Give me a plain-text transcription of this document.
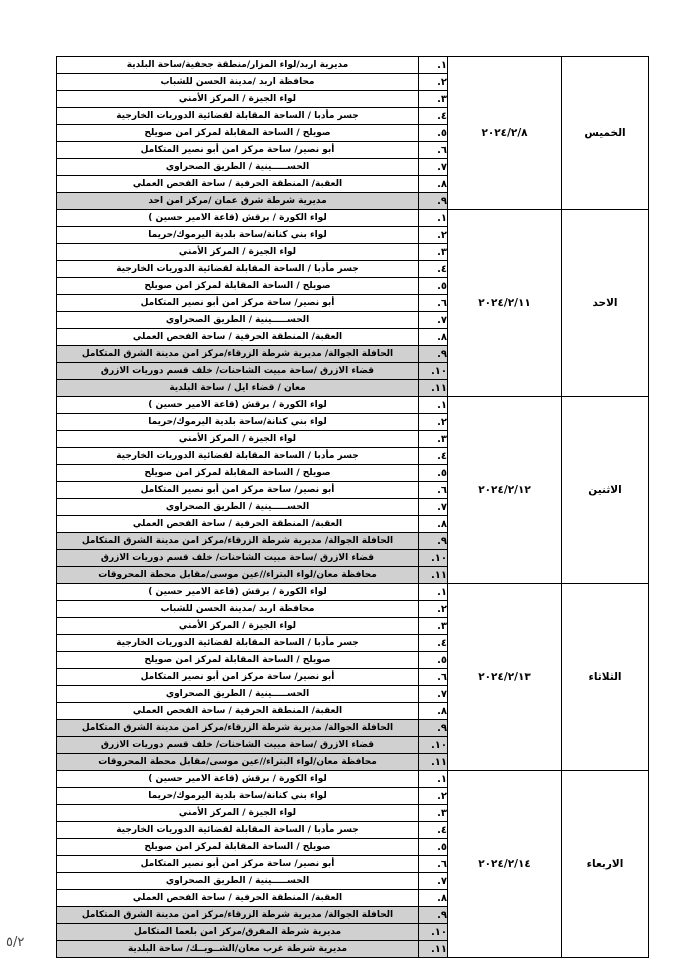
الخميس	٢٠٢٤/٢/٨	١.	مديرية اربد/لواء المزار/منطقة جحفية/ساحة البلدية
		٢.	محافظة اربد /مدينة الحسن للشباب
		٣.	لواء الجيزة / المركز الأمني
		٤.	جسر مأدبا / الساحة المقابلة لقضائية الدوريات الخارجية
		٥.	صويلح / الساحة المقابلة لمركز امن صويلح
		٦.	أبو نصير/ ساحة مركز امن أبو نصير المتكامل
		٧.	الحســـــينية / الطريق الصحراوي
		٨.	العقبة/ المنطقة الحرفية / ساحة الفحص العملي
		٩.	مديرية شرطة شرق عمان /مركز امن احد
الاحد	٢٠٢٤/٢/١١	١.	لواء الكورة / برقش (قاعة الامير حسين )
		٢.	لواء بني كنانة/ساحة بلدية اليرموك/حريما
		٣.	لواء الجيزة / المركز الأمني
		٤.	جسر مأدبا / الساحة المقابلة لقضائية الدوريات الخارجية
		٥.	صويلح / الساحة المقابلة لمركز امن صويلح
		٦.	أبو نصير/ ساحة مركز امن أبو نصير المتكامل
		٧.	الحســـــينية / الطريق الصحراوي
		٨.	العقبة/ المنطقة الحرفية / ساحة الفحص العملي
		٩.	الحافلة الجوالة/ مديرية شرطة الزرقاء/مركز امن مدينة الشرق المتكامل
		١٠.	قضاء الازرق /ساحة مبيت الشاحنات/ خلف قسم دوريات الازرق
		١١.	معان / قضاء ايل / ساحة البلدية
الاثنين	٢٠٢٤/٢/١٢	١.	لواء الكورة / برقش (قاعة الامير حسين )
		٢.	لواء بني كنانة/ساحة بلدية اليرموك/حريما
		٣.	لواء الجيزة / المركز الأمني
		٤.	جسر مأدبا / الساحة المقابلة لقضائية الدوريات الخارجية
		٥.	صويلح / الساحة المقابلة لمركز امن صويلح
		٦.	أبو نصير/ ساحة مركز امن أبو نصير المتكامل
		٧.	الحســـــينية / الطريق الصحراوي
		٨.	العقبة/ المنطقة الحرفية / ساحة الفحص العملي
		٩.	الحافلة الجوالة/ مديرية شرطة الزرقاء/مركز امن مدينة الشرق المتكامل
		١٠.	قضاء الازرق /ساحة مبيت الشاحنات/ خلف قسم دوريات الازرق
		١١.	محافظة معان/لواء البتراء//عين موسى/مقابل محطة المحروقات
الثلاثاء	٢٠٢٤/٢/١٣	١.	لواء الكورة / برقش (قاعة الامير حسين )
		٢.	محافظة اربد /مدينة الحسن للشباب
		٣.	لواء الجيزة / المركز الأمني
		٤.	جسر مأدبا / الساحة المقابلة لقضائية الدوريات الخارجية
		٥.	صويلح / الساحة المقابلة لمركز امن صويلح
		٦.	أبو نصير/ ساحة مركز امن أبو نصير المتكامل
		٧.	الحســـــينية / الطريق الصحراوي
		٨.	العقبة/ المنطقة الحرفية / ساحة الفحص العملي
		٩.	الحافلة الجوالة/ مديرية شرطة الزرقاء/مركز امن مدينة الشرق المتكامل
		١٠.	قضاء الازرق /ساحة مبيت الشاحنات/ خلف قسم دوريات الازرق
		١١.	محافظة معان/لواء البتراء//عين موسى/مقابل محطة المحروقات
الاربعاء	٢٠٢٤/٢/١٤	١.	لواء الكورة / برقش (قاعة الامير حسين )
		٢.	لواء بني كنانة/ساحة بلدية اليرموك/حريما
		٣.	لواء الجيزة / المركز الأمني
		٤.	جسر مأدبا / الساحة المقابلة لقضائية الدوريات الخارجية
		٥.	صويلح / الساحة المقابلة لمركز امن صويلح
		٦.	أبو نصير/ ساحة مركز امن أبو نصير المتكامل
		٧.	الحســـــينية / الطريق الصحراوي
		٨.	العقبة/ المنطقة الحرفية / ساحة الفحص العملي
		٩.	الحافلة الجوالة/ مديرية شرطة الزرقاء/مركز امن مدينة الشرق المتكامل
		١٠.	مديرية شرطة المفرق/مركز امن بلعما المتكامل
		١١.	مديرية شرطة غرب معان/الشــويــك/ ساحة البلدية
٥/٢
